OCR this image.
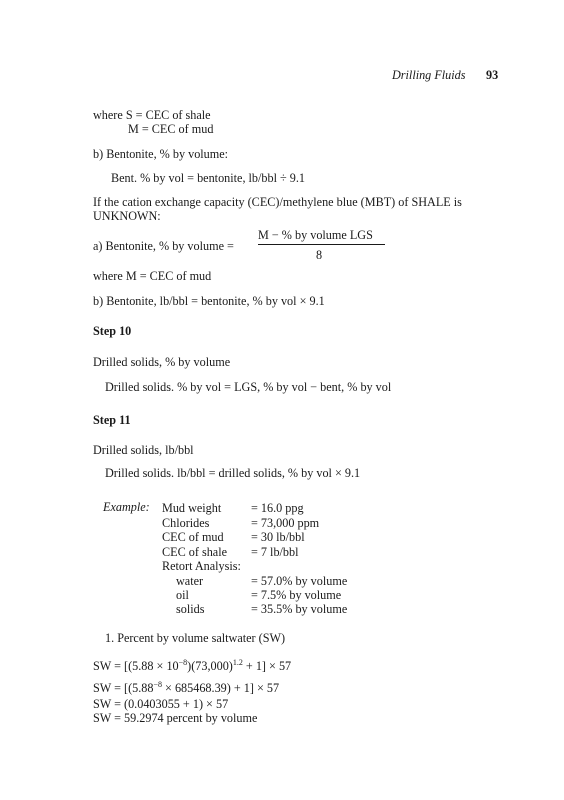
Drilling Fluids 93
where S = CEC of shale
M = CEC of mud
b) Bentonite, % by volume:
Bent. % by vol = bentonite, lb/bbl ÷ 9.1
If the cation exchange capacity (CEC)/methylene blue (MBT) of SHALE is
UNKNOWN:
a) Bentonite, % by volume =
M − % by volume LGS
8
where M = CEC of mud
b) Bentonite, lb/bbl = bentonite, % by vol × 9.1
Step 10
Drilled solids, % by volume
Drilled solids. % by vol = LGS, % by vol − bent, % by vol
Step 11
Drilled solids, lb/bbl
Drilled solids. lb/bbl = drilled solids, % by vol × 9.1
Example: Mud weight = 16.0 ppg
Chlorides	= 73,000 ppm
CEC of mud = 30 lb/bbl
CEC of shale = 7 lb/bbl
Retort Analysis:
water	= 57.0% by volume
oil	= 7.5% by volume
solids	= 35.5% by volume
1. Percent by volume saltwater (SW)
SW = $[(5.88 \times 10^{-8})(73,000)^{1.2} + 1] \times 57$
SW = $[(5.88^{-8} \times 685468.39) + 1] \times 57$
SW = (0.0403055 + 1) × 57
SW = 59.2974 percent by volume
